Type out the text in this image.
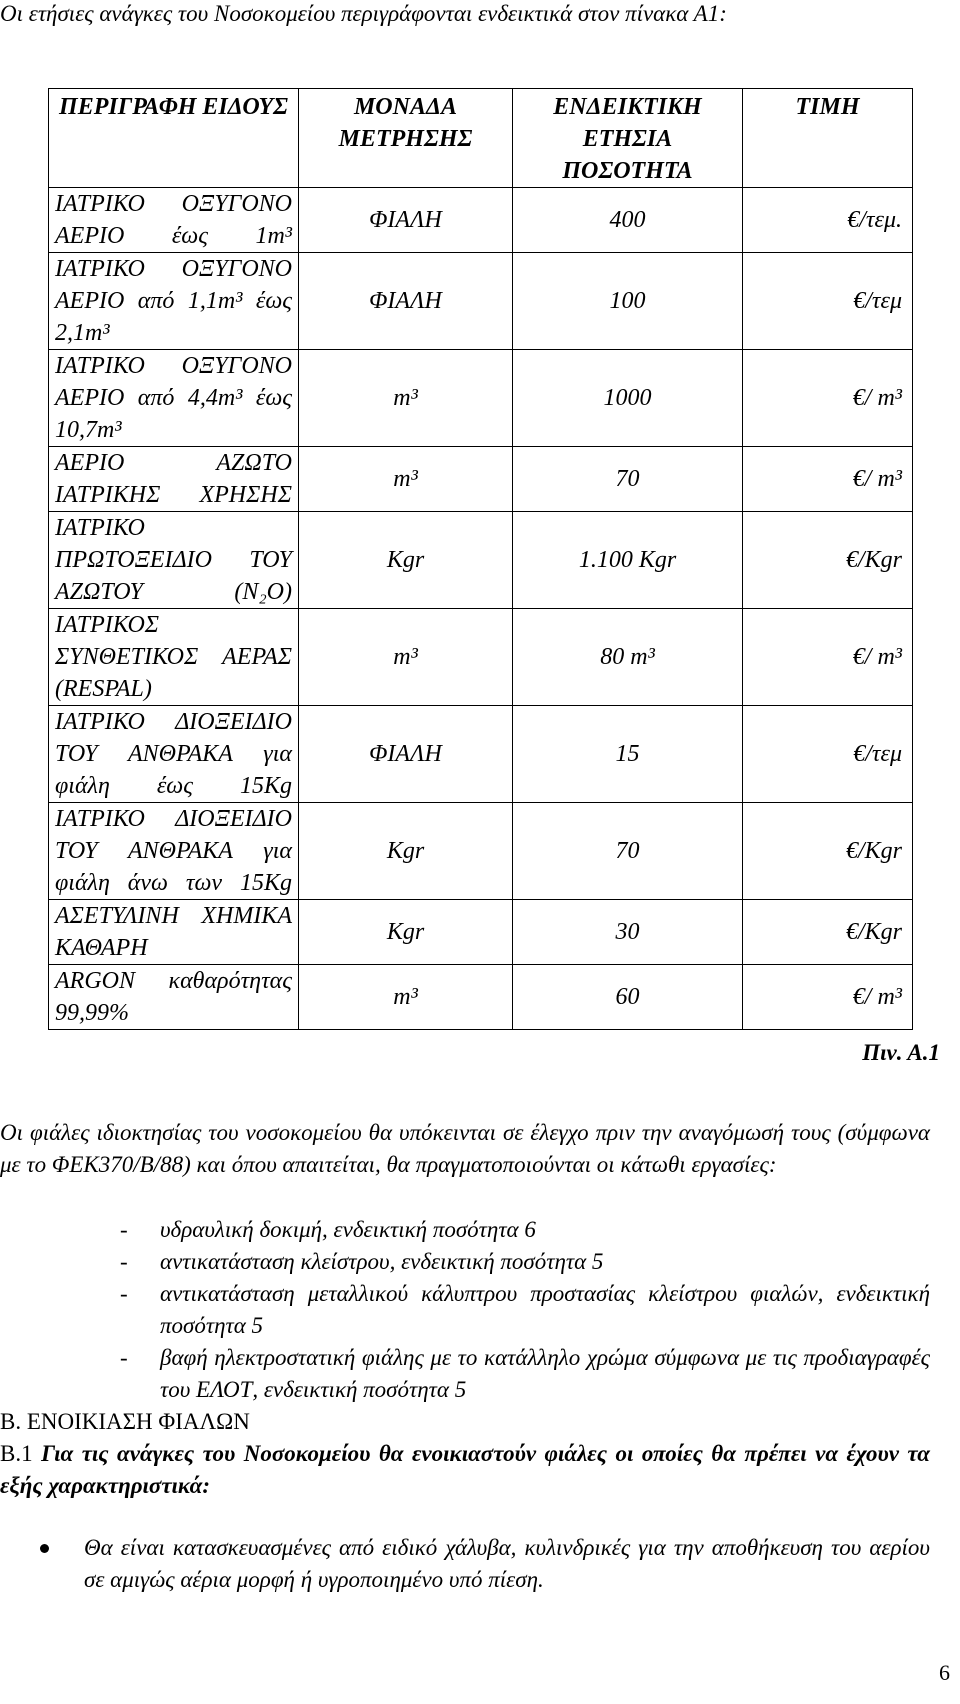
Οι ετήσιες ανάγκες του Νοσοκομείου περιγράφονται ενδεικτικά στον πίνακα Α1:

ΠΕΡΙΓΡΑΦΗ ΕΙΔΟΥΣ	ΜΟΝΑΔΑ ΜΕΤΡΗΣΗΣ	ΕΝΔΕΙΚΤΙΚΗ ΕΤΗΣΙΑ ΠΟΣΟΤΗΤΑ	ΤΙΜΗ
ΙΑΤΡΙΚΟ ΟΞΥΓΟΝΟ ΑΕΡΙΟ έως 1m³	ΦΙΑΛΗ	400	€/τεμ.
ΙΑΤΡΙΚΟ ΟΞΥΓΟΝΟ ΑΕΡΙΟ από 1,1m³ έως 2,1m³	ΦΙΑΛΗ	100	€/τεμ
ΙΑΤΡΙΚΟ ΟΞΥΓΟΝΟ ΑΕΡΙΟ από 4,4m³ έως 10,7m³	m³	1000	€/ m³
ΑΕΡΙΟ ΑΖΩΤΟ ΙΑΤΡΙΚΗΣ ΧΡΗΣΗΣ	m³	70	€/ m³
ΙΑΤΡΙΚΟ ΠΡΩΤΟΞΕΙΔΙΟ ΤΟΥ ΑΖΩΤΟΥ (N₂O)	Kgr	1.100 Kgr	€/Kgr
ΙΑΤΡΙΚΟΣ ΣΥΝΘΕΤΙΚΟΣ ΑΕΡΑΣ (RESPAL)	m³	80 m³	€/ m³
ΙΑΤΡΙΚΟ ΔΙΟΞΕΙΔΙΟ ΤΟΥ ΑΝΘΡΑΚΑ για φιάλη έως 15Kg	ΦΙΑΛΗ	15	€/τεμ
ΙΑΤΡΙΚΟ ΔΙΟΞΕΙΔΙΟ ΤΟΥ ΑΝΘΡΑΚΑ για φιάλη άνω των 15Kg	Kgr	70	€/Kgr
ΑΣΕΤΥΛΙΝΗ ΧΗΜΙΚΑ ΚΑΘΑΡΗ	Kgr	30	€/Kgr
ARGON καθαρότητας 99,99%	m³	60	€/ m³
Πιν. Α.1

Οι φιάλες ιδιοκτησίας του νοσοκομείου θα υπόκεινται σε έλεγχο πριν την αναγόμωσή τους (σύμφωνα με το ΦΕΚ370/Β/88) και όπου απαιτείται, θα πραγματοποιούνται οι κάτωθι εργασίες:

- υδραυλική δοκιμή, ενδεικτική ποσότητα 6
- αντικατάσταση κλείστρου, ενδεικτική ποσότητα 5
- αντικατάσταση μεταλλικού κάλυπτρου προστασίας κλείστρου φιαλών, ενδεικτική ποσότητα 5
- βαφή ηλεκτροστατική φιάλης με το κατάλληλο χρώμα σύμφωνα με τις προδιαγραφές του ΕΛΟΤ, ενδεικτική ποσότητα 5
Β. ΕΝΟΙΚΙΑΣΗ ΦΙΑΛΩΝ

Β.1 Για τις ανάγκες του Νοσοκομείου θα ενοικιαστούν φιάλες οι οποίες θα πρέπει να έχουν τα εξής χαρακτηριστικά:

Θα είναι κατασκευασμένες από ειδικό χάλυβα, κυλινδρικές για την αποθήκευση του αερίου σε αμιγώς αέρια μορφή ή υγροποιημένο υπό πίεση.
6
